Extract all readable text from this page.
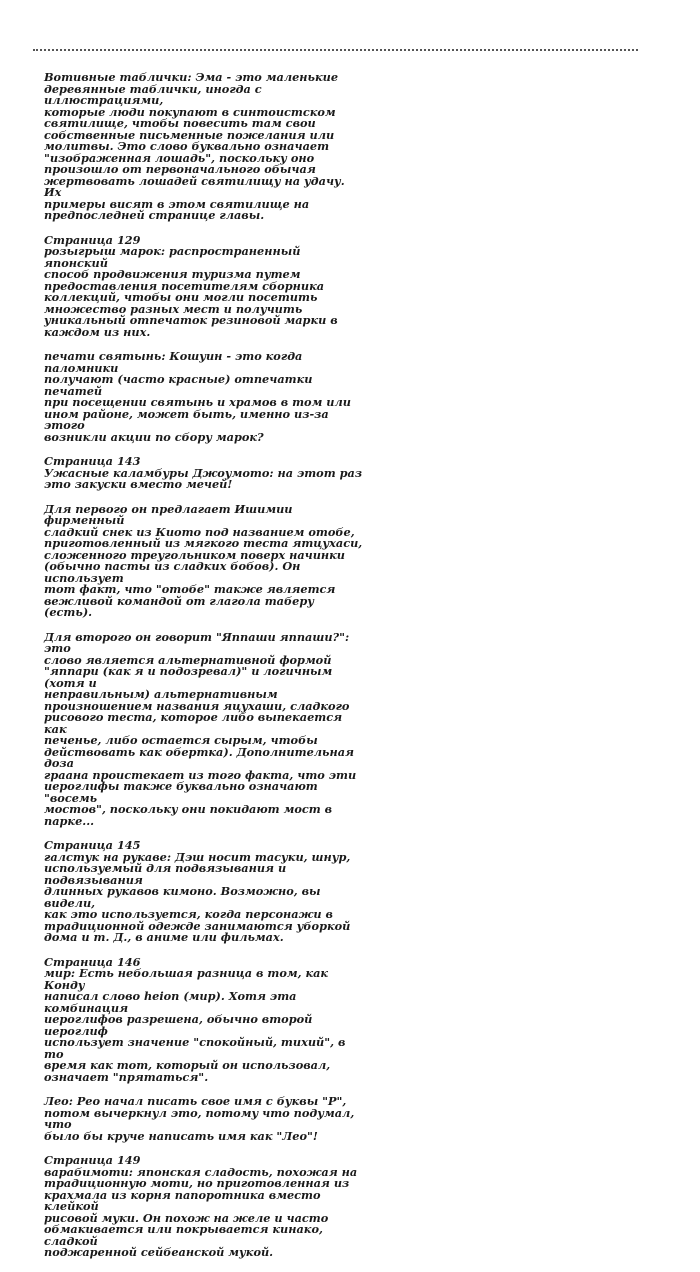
Вотивные таблички: Эма - это маленькие
деревянные таблички, иногда с иллюстрациями,
которые люди покупают в синтоистском
святилище, чтобы повесить там свои
собственные письменные пожелания или
молитвы. Это слово буквально означает
"изображенная лошадь", поскольку оно
произошло от первоначального обычая
жертвовать лошадей святилищу на удачу. Их
примеры висят в этом святилище на
предпоследней странице главы.
Страница 129
розыгрыш марок: распространенный японский
способ продвижения туризма путем
предоставления посетителям сборника
коллекций, чтобы они могли посетить
множество разных мест и получить
уникальный отпечаток резиновой марки в
каждом из них.
печати святынь: Кошуин - это когда паломники
получают (часто красные) отпечатки печатей
при посещении святынь и храмов в том или
ином районе, может быть, именно из-за этого
возникли акции по сбору марок?
Страница 143
Ужасные каламбуры Джоумото: на этот раз
это закуски вместо мечей!
Для первого он предлагает Ишимии фирменный
сладкий снек из Киото под названием отобе,
приготовленный из мягкого теста ятцухаси,
сложенного треугольником поверх начинки
(обычно пасты из сладких бобов). Он использует
тот факт, что "отобе" также является
вежливой командой от глагола таберу (есть).
Для второго он говорит "Яппаши яппаши?": это
слово является альтернативной формой
"яппари (как я и подозревал)" и логичным (хотя и
неправильным) альтернативным
произношением названия яцухаши, сладкого
рисового теста, которое либо выпекается как
печенье, либо остается сырым, чтобы
действовать как обертка). Дополнительная доза
граана проистекает из того факта, что эти
иероглифы также буквально означают "восемь
мостов", поскольку они покидают мост в парке...
Страница 145
галстук на рукаве: Дэш носит тасуки, шнур,
используемый для подвязывания и подвязывания
длинных рукавов кимоно. Возможно, вы видели,
как это используется, когда персонажи в
традиционной одежде занимаются уборкой
дома и т. Д., в аниме или фильмах.
Страница 146
мир: Есть небольшая разница в том, как Конду
написал слово heion (мир). Хотя эта комбинация
иероглифов разрешена, обычно второй иероглиф
использует значение "спокойный, тихий", в то
время как тот, который он использовал,
означает "прятаться".
Лео: Рео начал писать свое имя с буквы "Р",
потом вычеркнул это, потому что подумал, что
было бы круче написать имя как "Лео"!
Страница 149
варабимоти: японская сладость, похожая на
традиционную моти, но приготовленная из
крахмала из корня папоротника вместо клейкой
рисовой муки. Он похож на желе и часто
обмакивается или покрывается кинако, сладкой
поджаренной сейбеанской мукой.
